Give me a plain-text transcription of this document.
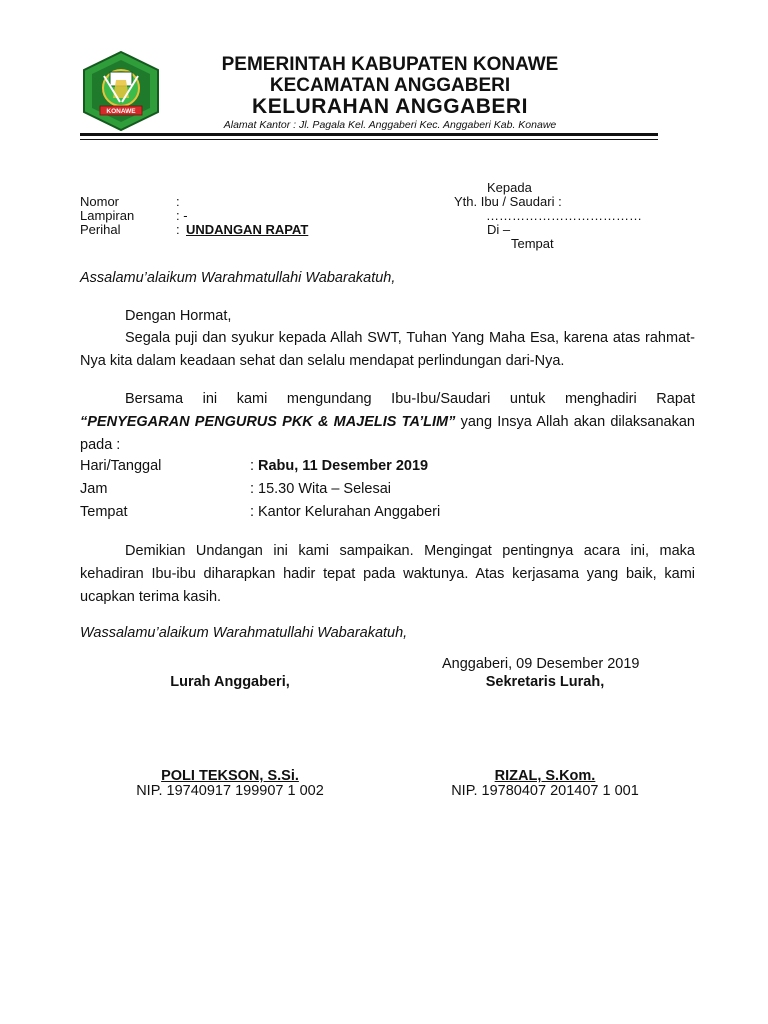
KONAWE
PEMERINTAH KABUPATEN KONAWE
KECAMATAN ANGGABERI
KELURAHAN ANGGABERI
Alamat Kantor : Jl. Pagala Kel. Anggaberi Kec. Anggaberi Kab. Konawe
Nomor	:
Lampiran	: -
Perihal	: UNDANGAN RAPAT
Kepada
Yth. Ibu / Saudari :
………………………………
Di –
Tempat
Assalamu’alaikum Warahmatullahi Wabarakatuh,
Dengan Hormat,
Segala puji dan syukur kepada Allah SWT, Tuhan Yang Maha Esa, karena atas rahmat-Nya kita dalam keadaan sehat dan selalu mendapat perlindungan dari-Nya.
Bersama ini kami mengundang Ibu-Ibu/Saudari untuk menghadiri Rapat “PENYEGARAN PENGURUS PKK & MAJELIS TA’LIM” yang Insya Allah akan dilaksanakan pada :
Hari/Tanggal	: Rabu, 11 Desember 2019
Jam	: 15.30 Wita – Selesai
Tempat	: Kantor Kelurahan Anggaberi
Demikian Undangan ini kami sampaikan. Mengingat pentingnya acara ini, maka kehadiran Ibu-ibu diharapkan hadir tepat pada waktunya. Atas kerjasama yang baik, kami ucapkan terima kasih.
Wassalamu’alaikum Warahmatullahi Wabarakatuh,
Anggaberi, 09 Desember 2019
Lurah Anggaberi,	Sekretaris Lurah,
POLI TEKSON, S.Si.
NIP. 19740917 199907 1 002
RIZAL, S.Kom.
NIP. 19780407 201407 1 001
